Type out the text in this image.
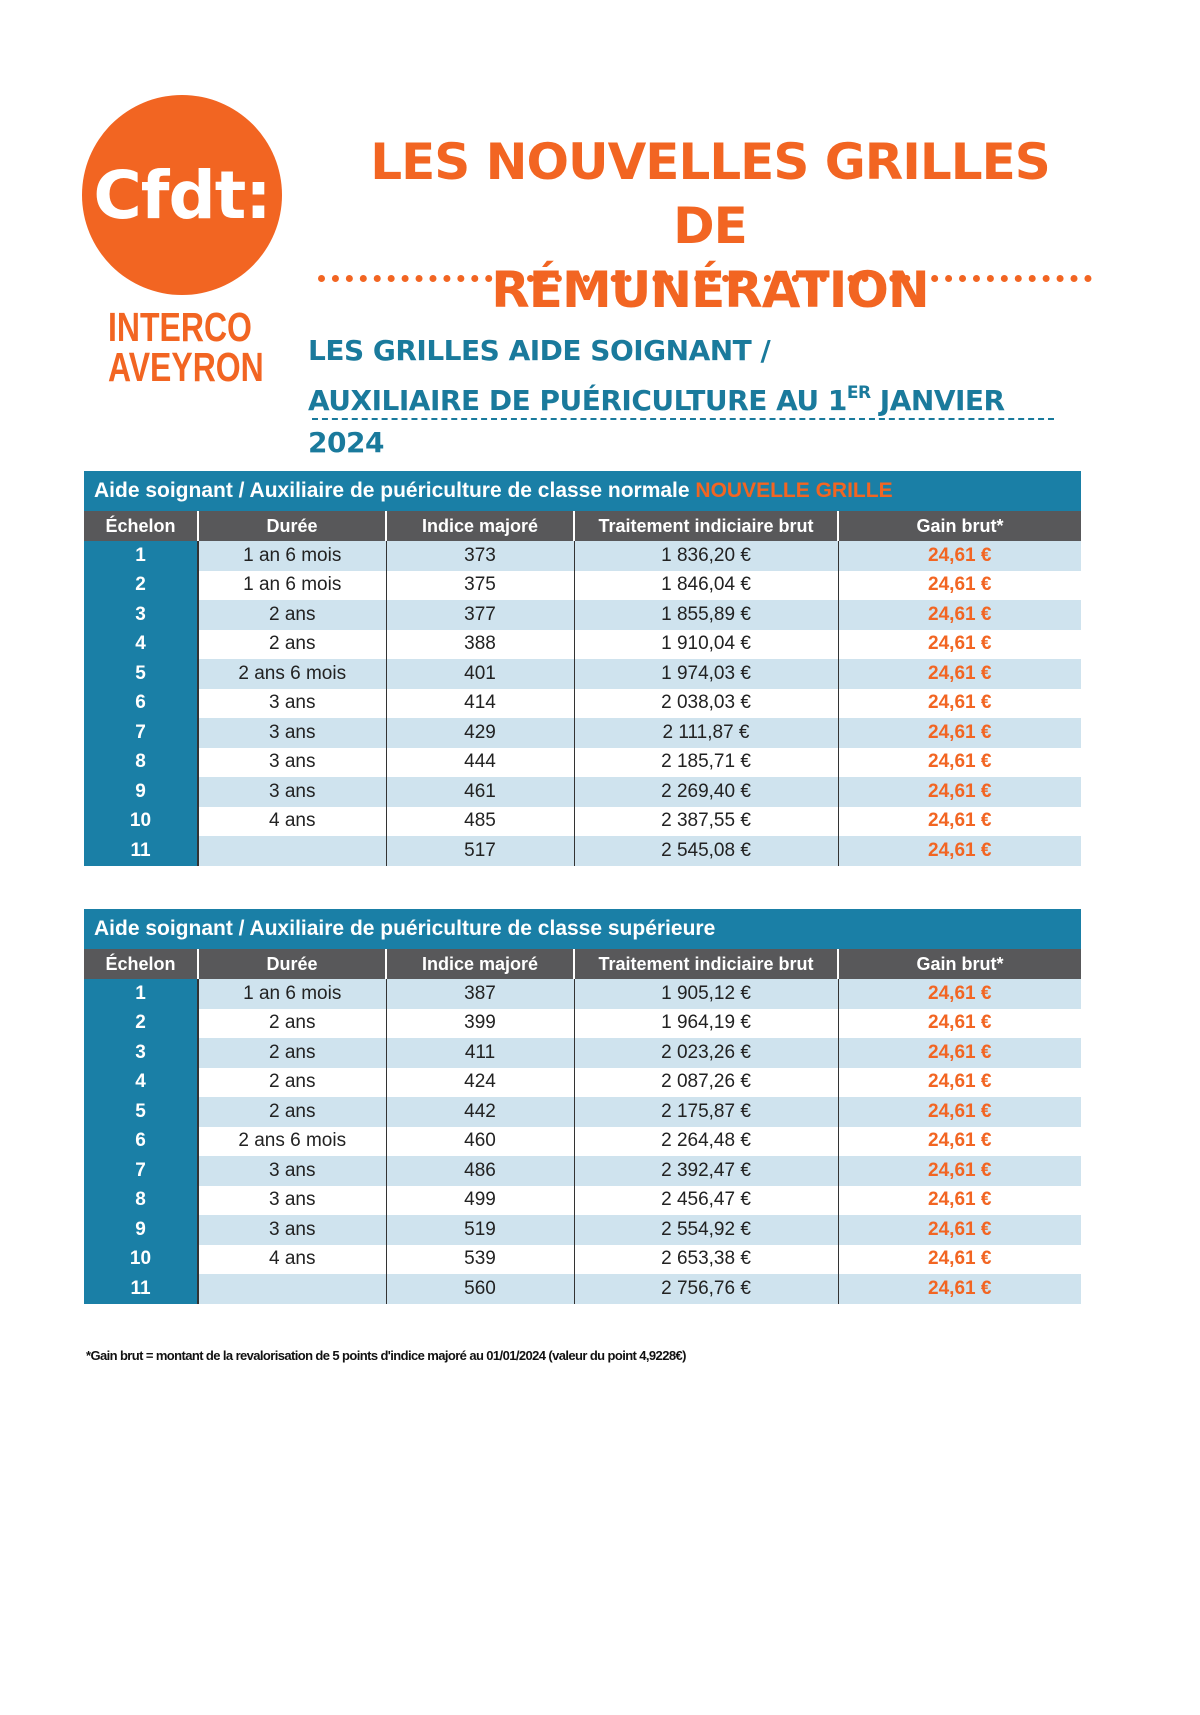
Cfdt:
INTERCO
AVEYRON
LES NOUVELLES GRILLES DE
RÉMUNÉRATION
LES GRILLES AIDE SOIGNANT /
AUXILIAIRE DE PUÉRICULTURE AU 1ER JANVIER 2024
Aide soignant / Auxiliaire de puériculture de classe normale NOUVELLE GRILLE				
Échelon	Durée	Indice majoré	Traitement indiciaire brut	Gain brut*
1	1 an 6 mois	373	1 836,20 €	24,61 €
2	1 an 6 mois	375	1 846,04 €	24,61 €
3	2 ans	377	1 855,89 €	24,61 €
4	2 ans	388	1 910,04 €	24,61 €
5	2 ans 6 mois	401	1 974,03 €	24,61 €
6	3 ans	414	2 038,03 €	24,61 €
7	3 ans	429	2 111,87 €	24,61 €
8	3 ans	444	2 185,71 €	24,61 €
9	3 ans	461	2 269,40 €	24,61 €
10	4 ans	485	2 387,55 €	24,61 €
11		517	2 545,08 €	24,61 €
Aide soignant / Auxiliaire de puériculture de classe supérieure				
Échelon	Durée	Indice majoré	Traitement indiciaire brut	Gain brut*
1	1 an 6 mois	387	1 905,12 €	24,61 €
2	2 ans	399	1 964,19 €	24,61 €
3	2 ans	411	2 023,26 €	24,61 €
4	2 ans	424	2 087,26 €	24,61 €
5	2 ans	442	2 175,87 €	24,61 €
6	2 ans 6 mois	460	2 264,48 €	24,61 €
7	3 ans	486	2 392,47 €	24,61 €
8	3 ans	499	2 456,47 €	24,61 €
9	3 ans	519	2 554,92 €	24,61 €
10	4 ans	539	2 653,38 €	24,61 €
11		560	2 756,76 €	24,61 €
*Gain brut = montant de la revalorisation de 5 points d'indice majoré au 01/01/2024 (valeur du point 4,9228€)
